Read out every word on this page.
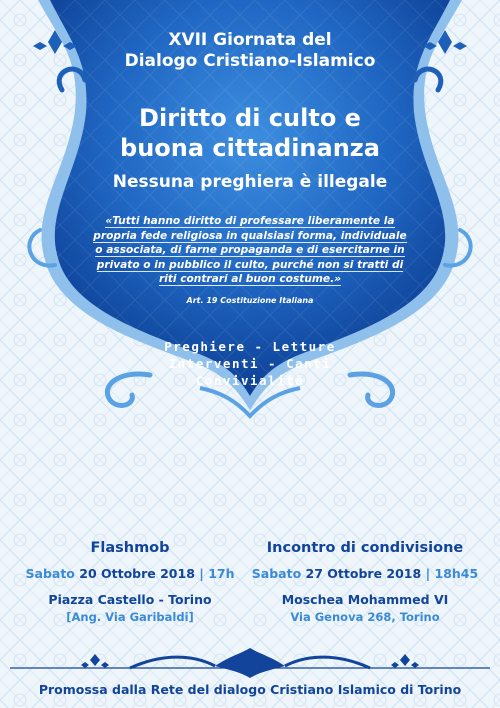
XVII Giornata del
Dialogo Cristiano-Islamico
Diritto di culto e
buona cittadinanza
Nessuna preghiera è illegale
«Tutti hanno diritto di professare liberamente la
propria fede religiosa in qualsiasi forma, individuale
o associata, di farne propaganda e di esercitarne in
privato o in pubblico il culto, purché non si tratti di
riti contrari al buon costume.»
Art. 19 Costituzione Italiana
Preghiere - Letture
Interventi - Canti
Convivialità
Flashmob
Sabato 20 Ottobre 2018 | 17h
Piazza Castello - Torino
[Ang. Via Garibaldi]
Incontro di condivisione
Sabato 27 Ottobre 2018 | 18h45
Moschea Mohammed VI
Via Genova 268, Torino
Promossa dalla Rete del dialogo Cristiano Islamico di Torino
